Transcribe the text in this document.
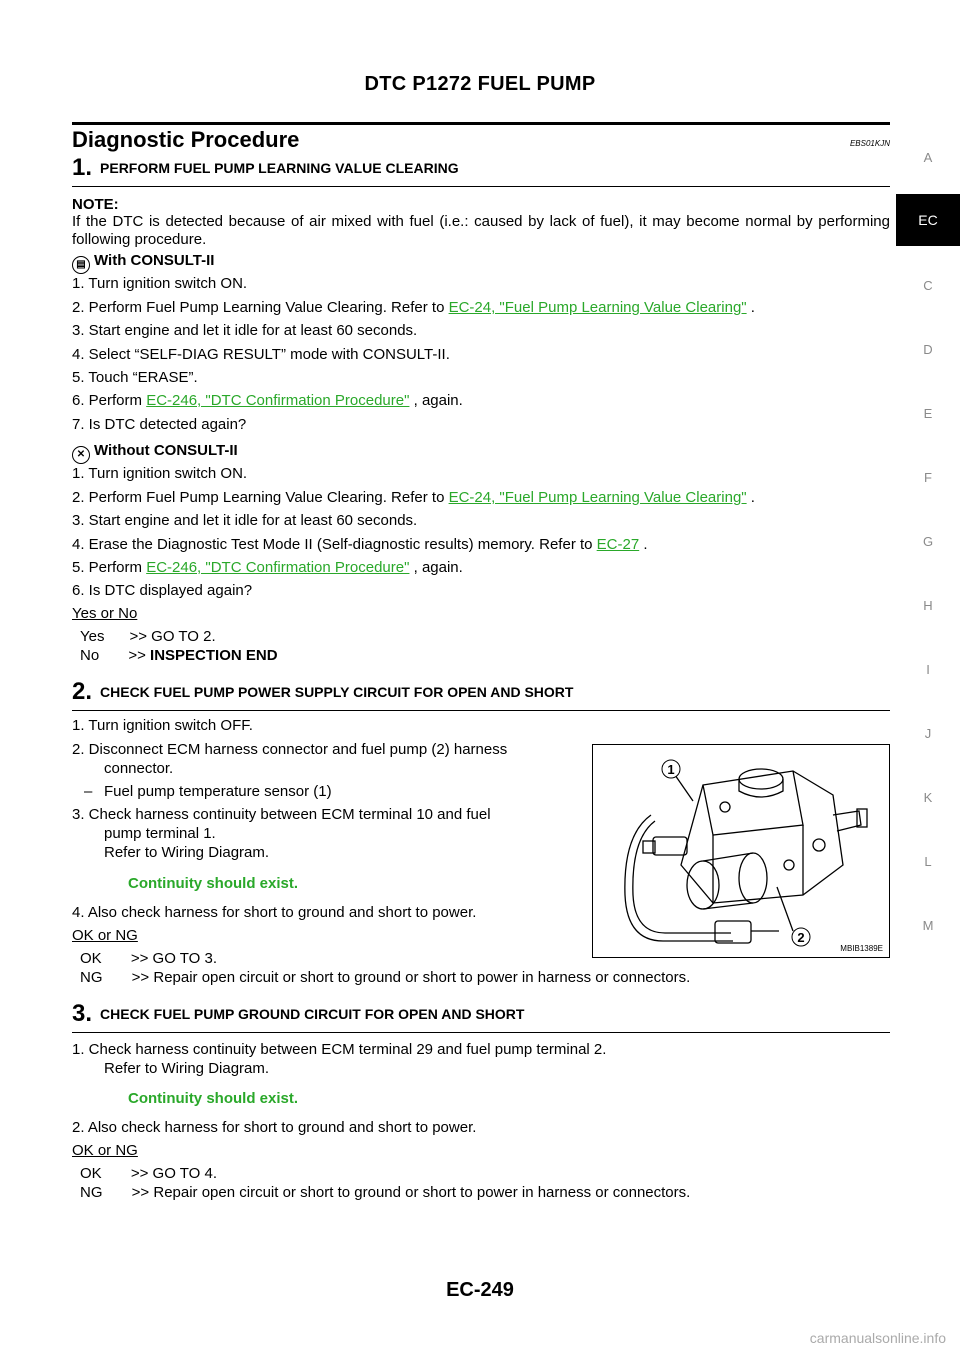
DTC P1272 FUEL PUMP
Diagnostic Procedure	EBS01KJN
A
EC
C
D
E
F
G
H
I
J
K
L
M
1. PERFORM FUEL PUMP LEARNING VALUE CLEARING
NOTE:
If the DTC is detected because of air mixed with fuel (i.e.: caused by lack of fuel), it may become normal by performing following procedure.
▤ With CONSULT-II
1. Turn ignition switch ON.
2. Perform Fuel Pump Learning Value Clearing. Refer to EC-24, "Fuel Pump Learning Value Clearing" .
3. Start engine and let it idle for at least 60 seconds.
4. Select “SELF-DIAG RESULT” mode with CONSULT-II.
5. Touch “ERASE”.
6. Perform EC-246, "DTC Confirmation Procedure" , again.
7. Is DTC detected again?
✕ Without CONSULT-II
1. Turn ignition switch ON.
2. Perform Fuel Pump Learning Value Clearing. Refer to EC-24, "Fuel Pump Learning Value Clearing" .
3. Start engine and let it idle for at least 60 seconds.
4. Erase the Diagnostic Test Mode II (Self-diagnostic results) memory. Refer to EC-27 .
5. Perform EC-246, "DTC Confirmation Procedure" , again.
6. Is DTC displayed again?
Yes or No
Yes      >> GO TO 2.
No       >> INSPECTION END
2. CHECK FUEL PUMP POWER SUPPLY CIRCUIT FOR OPEN AND SHORT
1. Turn ignition switch OFF.
2. Disconnect ECM harness connector and fuel pump (2) harness
connector.
– Fuel pump temperature sensor (1)
3. Check harness continuity between ECM terminal 10 and fuel
pump terminal 1.
Refer to Wiring Diagram.
Continuity should exist.
4. Also check harness for short to ground and short to power.
OK or NG
OK       >> GO TO 3.
NG       >> Repair open circuit or short to ground or short to power in harness or connectors.
1
2
MBIB1389E
3. CHECK FUEL PUMP GROUND CIRCUIT FOR OPEN AND SHORT
1. Check harness continuity between ECM terminal 29 and fuel pump terminal 2.
Refer to Wiring Diagram.
Continuity should exist.
2. Also check harness for short to ground and short to power.
OK or NG
OK       >> GO TO 4.
NG       >> Repair open circuit or short to ground or short to power in harness or connectors.
EC-249
carmanualsonline.info
